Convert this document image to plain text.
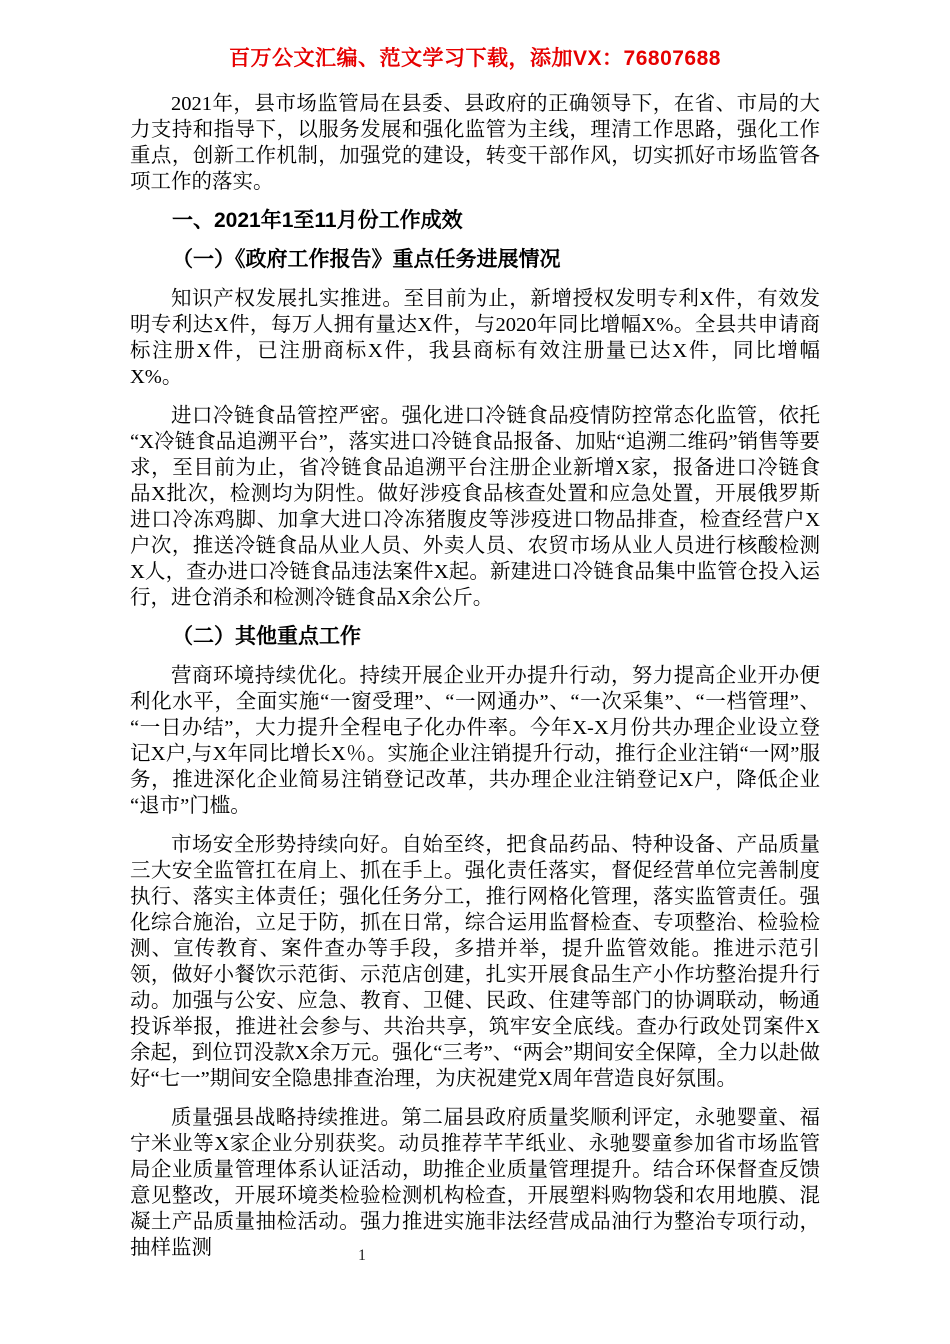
百万公文汇编、范文学习下载，添加VX：76807688

2021年，县市场监管局在县委、县政府的正确领导下，在省、市局的大力支持和指导下，以服务发展和强化监管为主线，理清工作思路，强化工作重点，创新工作机制，加强党的建设，转变干部作风，切实抓好市场监管各项工作的落实。

一、2021年1至11月份工作成效

（一）《政府工作报告》重点任务进展情况

知识产权发展扎实推进。至目前为止，新增授权发明专利X件，有效发明专利达X件，每万人拥有量达X件，与2020年同比增幅X%。全县共申请商标注册X件，已注册商标X件，我县商标有效注册量已达X件，同比增幅X%。

进口冷链食品管控严密。强化进口冷链食品疫情防控常态化监管，依托“X冷链食品追溯平台”，落实进口冷链食品报备、加贴“追溯二维码”销售等要求，至目前为止，省冷链食品追溯平台注册企业新增X家，报备进口冷链食品X批次，检测均为阴性。做好涉疫食品核查处置和应急处置，开展俄罗斯进口冷冻鸡脚、加拿大进口冷冻猪腹皮等涉疫进口物品排查，检查经营户X户次，推送冷链食品从业人员、外卖人员、农贸市场从业人员进行核酸检测X人，查办进口冷链食品违法案件X起。新建进口冷链食品集中监管仓投入运行，进仓消杀和检测冷链食品X余公斤。

（二）其他重点工作

营商环境持续优化。持续开展企业开办提升行动，努力提高企业开办便利化水平，全面实施“一窗受理”、“一网通办”、“一次采集”、“一档管理”、“一日办结”，大力提升全程电子化办件率。今年X-X月份共办理企业设立登记X户,与X年同比增长X％。实施企业注销提升行动，推行企业注销“一网”服务，推进深化企业简易注销登记改革，共办理企业注销登记X户，降低企业“退市”门槛。

市场安全形势持续向好。自始至终，把食品药品、特种设备、产品质量三大安全监管扛在肩上、抓在手上。强化责任落实，督促经营单位完善制度执行、落实主体责任；强化任务分工，推行网格化管理，落实监管责任。强化综合施治，立足于防，抓在日常，综合运用监督检查、专项整治、检验检测、宣传教育、案件查办等手段，多措并举，提升监管效能。推进示范引领，做好小餐饮示范街、示范店创建，扎实开展食品生产小作坊整治提升行动。加强与公安、应急、教育、卫健、民政、住建等部门的协调联动，畅通投诉举报，推进社会参与、共治共享，筑牢安全底线。查办行政处罚案件X余起，到位罚没款X余万元。强化“三考”、“两会”期间安全保障，全力以赴做好“七一”期间安全隐患排查治理，为庆祝建党X周年营造良好氛围。

质量强县战略持续推进。第二届县政府质量奖顺利评定，永驰婴童、福宁米业等X家企业分别获奖。动员推荐芊芊纸业、永驰婴童参加省市场监管局企业质量管理体系认证活动，助推企业质量管理提升。结合环保督查反馈意见整改，开展环境类检验检测机构检查，开展塑料购物袋和农用地膜、混凝土产品质量抽检活动。强力推进实施非法经营成品油行为整治专项行动，抽样监测	1
